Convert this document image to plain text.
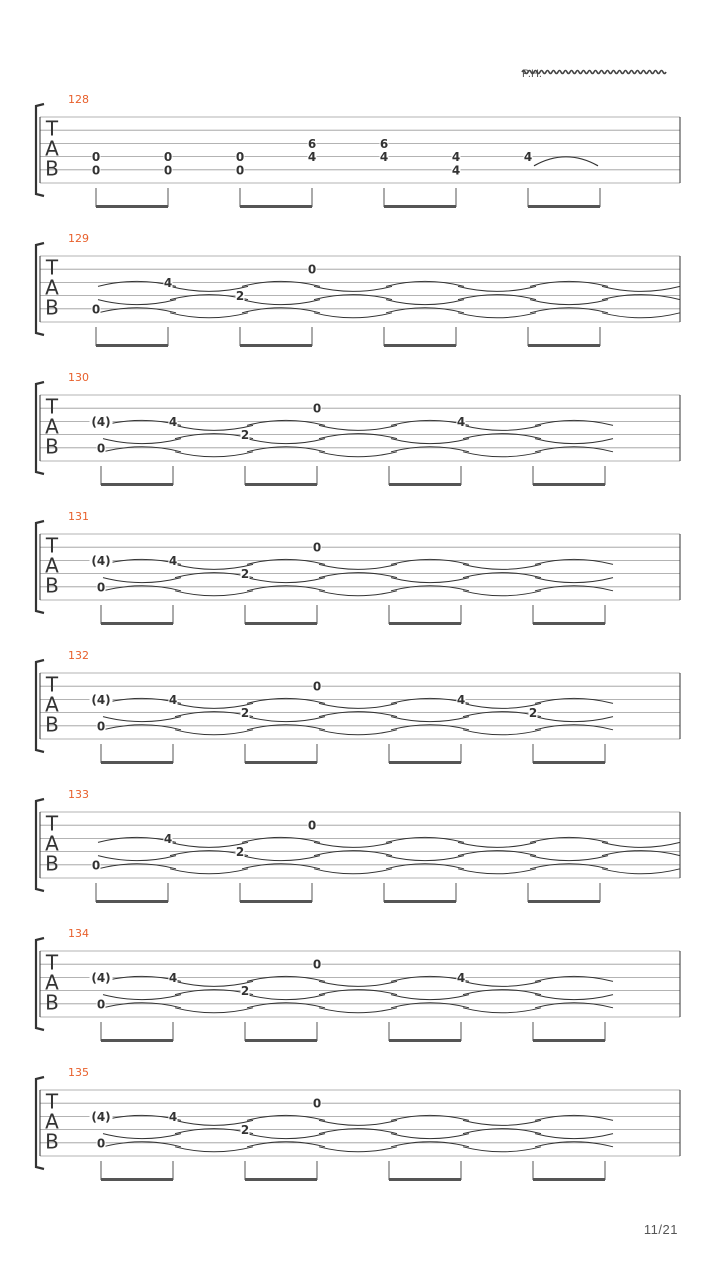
P.H.
T
A
B
128
0
0
0
0
0
0
6
4
6
4	4
4
4
T
A
B
129
0
4
2
0
T
A
B
130
(4)
0
4
2
0
4
T
A
B
131
(4)
0
4
2
0
T
A
B
132
(4)
0
4
2
0
4
2
T
A
B
133
0
4
2
0
T
A
B
134
(4)
0
4
2
0
4
T
A
B
135
(4)
0
4
2
0
11/21
